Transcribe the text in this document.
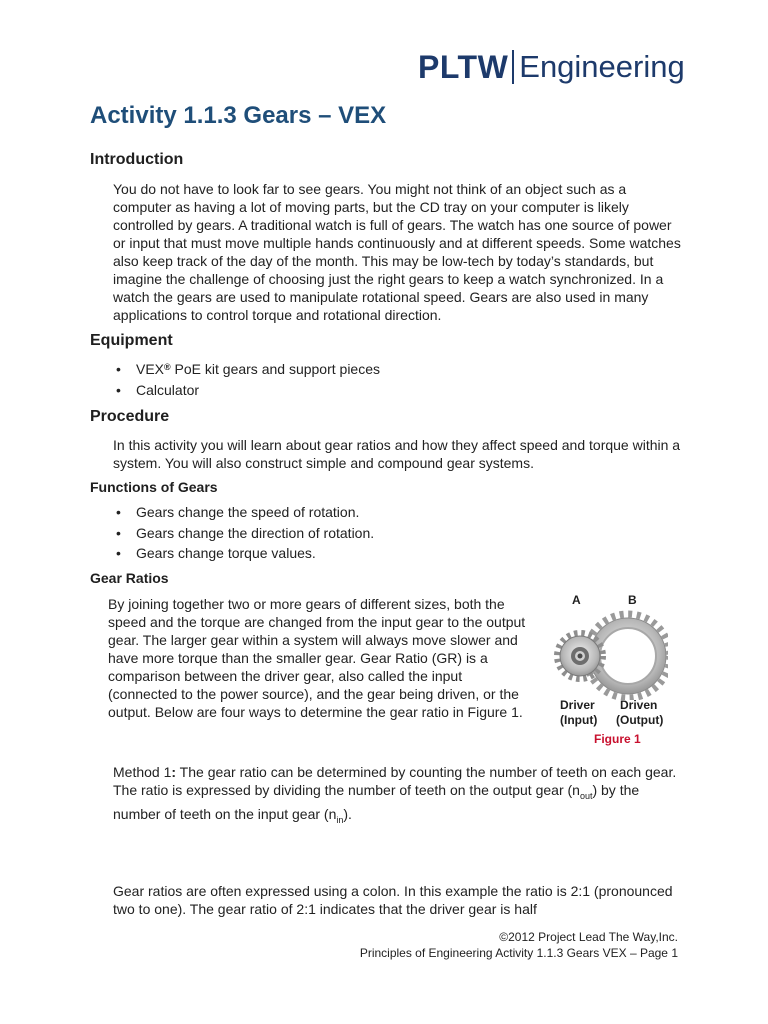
PLTW Engineering
Activity 1.1.3 Gears – VEX
Introduction

You do not have to look far to see gears. You might not think of an object such as a computer as having a lot of moving parts, but the CD tray on your computer is likely controlled by gears. A traditional watch is full of gears. The watch has one source of power or input that must move multiple hands continuously and at different speeds. Some watches also keep track of the day of the month. This may be low-tech by today’s standards, but imagine the challenge of choosing just the right gears to keep a watch synchronized. In a watch the gears are used to manipulate rotational speed. Gears are also used in many applications to control torque and rotational direction.

Equipment
• VEX® PoE kit gears and support pieces
• Calculator
Procedure

In this activity you will learn about gear ratios and how they affect speed and torque within a system. You will also construct simple and compound gear systems.

Functions of Gears
• Gears change the speed of rotation.
• Gears change the direction of rotation.
• Gears change torque values.
Gear Ratios

By joining together two or more gears of different sizes, both the speed and the torque are changed from the input gear to the output gear. The larger gear within a system will always move slower and have more torque than the smaller gear. Gear Ratio (GR) is a comparison between the driver gear, also called the input (connected to the power source), and the gear being driven, or the output. Below are four ways to determine the gear ratio in Figure 1.

A	B
Driver
(Input)
Driven
(Output)
Figure 1

Method 1: The gear ratio can be determined by counting the number of teeth on each gear. The ratio is expressed by dividing the number of teeth on the output gear $(n_{out})$ by the number of teeth on the input gear $(n_{in})$.

Gear ratios are often expressed using a colon. In this example the ratio is 2:1 (pronounced two to one). The gear ratio of 2:1 indicates that the driver gear is half

©2012 Project Lead The Way,Inc.
Principles of Engineering Activity 1.1.3 Gears VEX – Page 1
